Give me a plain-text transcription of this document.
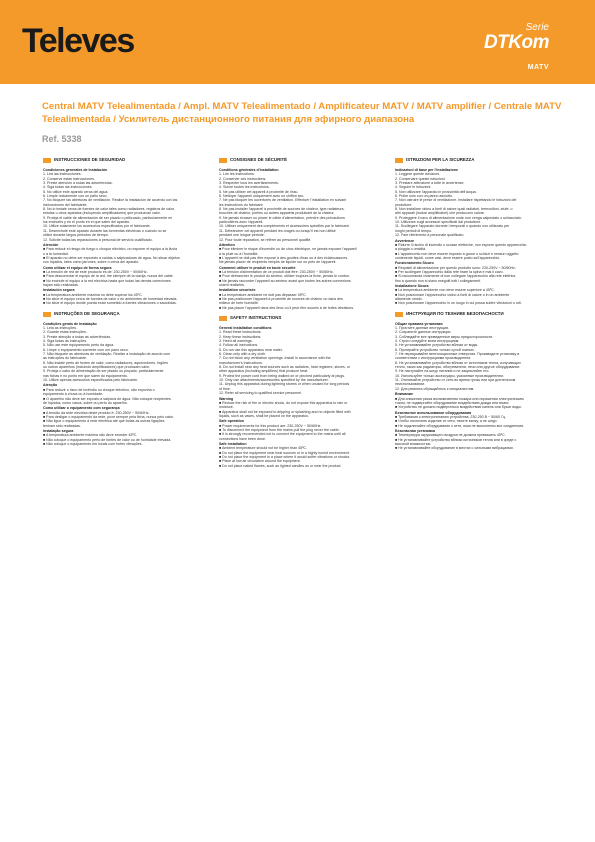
Televes	Serie
DTKom
MATV
Central MATV Telealimentada / Ampl. MATV Telealimentado / Amplificateur MATV / MATV amplifier / Centrale MATV Telealimentada / Усилитель дистанционного питания для эфирного диапазона
Ref. 5338
INSTRUCCIONES DE SEGURIDAD
Condiciones generales de Instalación
1. Lea las instrucciones.
2. Conserve estas instrucciones.
3. Preste atención a todas las advertencias.
4. Siga todas las instrucciones.
5. No utilice este aparato cerca del agua.
6. Limpie únicamente con un paño seco.
7. No bloquee las aberturas de ventilación. Realice la instalación de acuerdo con las
instrucciones del fabricante.
8. No lo instale cerca de fuentes de calor tales como radiadores, registros de calor,
estufas u otros aparatos (incluyendo amplificadores) que produzcan calor.
9. Proteja el cable de alimentación de ser pisado o pellizcado, particularmente en
los enchufes y en el punto en el que salen del aparato.
10. Utilice solamente los accesorios especificados por el fabricante.
11. Desenchufe este aparato durante las tormentas eléctricas o cuando no se
utilice durante largos periodos de tiempo.
12. Solicite todas las reparaciones a personal de servicio cualificado.
Atención
■ Para reducir el riesgo de fuego o choque eléctrico, no exponer el equipo a la lluvia
o a la humedad.
■ El aparato no debe ser expuesto a caídas o salpicaduras de agua. No situar objetos
con líquidos, tales como jarrones, sobre o cerca del aparato.
Como utilizar el equipo de forma segura
■ La tensión de red de este producto es de: 230-250V ~ 50/60Hz.
■ Para desconectar el equipo de la red, tire siempre de la clavija, nunca del cable.
■ No enchufe el equipo a la red eléctrica hasta que todas las demás conexiones
hayan sido realizadas.
Instalación segura
■ La temperatura ambiente máxima no debe superar los 45ºC.
■ No sitúe el equipo cerca de fuentes de calor o en ambientes de humedad elevada.
■ No sitúe el equipo donde pueda estar sometido a fuertes vibraciones o sacudidas.
INSTRUÇÕES DE SEGURANÇA
Condições gerais de Instalação
1. Leia as instruções.
2. Guarde estas instruções.
3. Preste atenção a todas as advertências.
4. Siga todas as instruções.
5. Não use este equipamento perto da água.
6. Limpe o equipamento somente com um pano seco.
7. Não bloqueie as aberturas de ventilação. Realize a instalação de acordo com
as instruções do fabricante.
8. Não instale perto de fontes de calor, como radiadores, aquecedores, fogões
ou outros aparelhos (incluindo amplificadores) que produzam calor.
9. Proteja o cabo de alimentação de ser pisado ou pinçado, particularmente
nas fichas e no ponto em que saem do equipamento.
10. Utilize apenas acessórios especificados pelo fabricante.
Atenção
■ Para reduzir o risco de incêndio ou choque eléctrico, não exponha o
equipamento à chuva ou à humidade.
■ O aparelho não deve ser exposto a salpicos de água. Não coloque recipientes
de líquidos, como vasos, sobre ou perto do aparelho.
Como utilizar o equipamento com segurança
■ A tensão da rede eléctrica deste produto é: 230-250V ~ 50/60Hz.
■ Para desligar o equipamento da rede, puxe sempre pela ficha, nunca pelo cabo.
■ Não ligue o equipamento à rede eléctrica até que todas as outras ligações
tenham sido realizadas.
Instalação segura
■ A temperatura ambiente máxima não deve exceder 45ºC.
■ Não coloque o equipamento perto de fontes de calor ou de humidade elevada.
■ Não coloque o equipamento em locais com fortes vibrações.
CONSIGNES DE SÉCURITÉ
Conditions générales d'installation
1. Lire les instructions.
2. Conserver ces instructions.
3. Respecter tous les avertissements.
4. Suivre toutes les instructions.
5. Ne pas utiliser cet appareil à proximité de l'eau.
6. Nettoyer l'appareil uniquement avec un chiffon sec.
7. Ne pas bloquer les ouvertures de ventilation. Effectuer l'installation en suivant
les instructions du fabricant.
8. Ne pas installer l'appareil à proximité de sources de chaleur, type radiateurs,
bouches de chaleur, poêles ou autres appareils produisant de la chaleur.
9. Ne jamais écraser ou pincer le câble d'alimentation, prendre des précautions
particulières avec l'appareil.
10. Utiliser uniquement des compléments et accessoires spécifiés par le fabricant.
11. Débrancher cet appareil pendant les orages ou lorsqu'il est non utilisé
pendant une longue période.
12. Pour toute réparation, se référer au personnel qualifié.
Attention
■ Pour éliminer le risque d'incendie ou de choc électrique, ne jamais exposer l'appareil
à la pluie ou à l'humidité.
■ L'appareil ne doit pas être exposé à des gouttes d'eau ou à des éclaboussures.
Ne jamais placer de récipients remplis de liquide sur ou près de l'appareil.
Comment utiliser le produit en toute sécurité
■ La tension d'alimentation de ce produit doit être: 230-250V ~ 50/60Hz.
■ Pour débrancher le produit du secteur, utiliser toujours la fiche, jamais le cordon.
■ Ne jamais raccorder l'appareil au secteur avant que toutes les autres connexions
soient réalisées.
Installation sécurisée
■ La température ambiante ne doit pas dépasser 45ºC.
■ Ne pas positionner l'appareil à proximité de sources de chaleur ou dans des
milieux de forte humidité.
■ Ne pas placer l'appareil dans des lieux où il peut être soumis à de fortes vibrations.
SAFETY INSTRUCTIONS
General installation conditions
1. Read these instructions.
2. Keep these instructions.
3. Heed all warnings.
4. Follow all instructions.
5. Do not use this apparatus near water.
6. Clean only with a dry cloth.
7. Do not block any ventilation openings. Install in accordance with the
manufacturer's instructions.
8. Do not install near any heat sources such as radiators, heat registers, stoves, or
other apparatus (including amplifiers) that produce heat.
9. Protect the power cord from being walked on or pinched particularly at plugs.
10. Only use attachments/accessories specified by the manufacturer.
11. Unplug this apparatus during lightning storms or when unused for long periods
of time.
12. Refer all servicing to qualified service personnel.
Warning
■ Reduce the risk of fire or electric shock, do not expose this apparatus to rain or
moisture.
■ Apparatus shall not be exposed to dripping or splashing and no objects filled with
liquids, such as vases, shall be placed on the apparatus.
Safe operation
■ Power requirements for this product are: 230-250V ~ 50/60Hz.
■ To disconnect the equipment from the mains pull the plug never the cable.
■ It is strongly recommended not to connect the equipment to the mains until all
connections have been done.
Safe installation
■ Ambient temperature should not be higher than 45ºC.
■ Do not place the equipment near heat sources or in a highly humid environment.
■ Do not place the equipment in a place where it would suffer vibrations or shocks.
■ Place at low air circulation around the equipment.
■ Do not place naked flames, such as lighted candles on or near the product.
ISTRUZIONI PER LA SICUREZZA
Indicazioni di base per l'installazione
1. Leggere queste istruzioni.
2. Conservare queste istruzioni.
3. Prestare attenzione a tutte le avvertenze.
4. Seguire le istruzioni.
5. Non utilizzare l'apparato in prossimità dell'acqua.
6. Pulire solo con un panno asciutto.
7. Non ostruire le prese di ventilazione. Installare rispettando le istruzioni del
produttore.
8. Non installare vicino a fonti di calore quali radiatori, termosifoni, stufe, o
altri apparati (inclusi amplificatori) che producono calore.
9. Proteggere il cavo di alimentazione onde non venga calpestato o schiacciato.
10. Utilizzare sugli accessori specificati dal produttore.
11. Scollegare l'apparato durante i temporali o quando non utilizzato per
lunghi periodi di tempo.
12. Fare riferimento a personale qualificato.
Avvertenze
■ Ridurre il rischio di incendio o scosse elettriche, non esporre questo apparecchio
a pioggia o umidità.
■ L'apparecchio non deve essere esposto a gocce o schizzi e nessun oggetto
contenente liquidi, come vasi, deve essere posto sull'apparecchio.
Funzionamento Sicuro
■ Requisiti di alimentazione per questo prodotto sono: 230-250V ~ 50/60Hz.
■ Per scollegare l'apparecchio dalla rete tirare la spina e mai il cavo.
■ Si raccomanda vivamente di non collegare l'apparecchio alla rete elettrica
fino a quando non si siano eseguiti tutti i collegamenti.
Installazione Sicura
■ La temperatura ambiente non deve essere superiore a 45ºC.
■ Non posizionare l'apparecchio vicino a fonti di calore o in un ambiente
altamente umido.
■ Non posizionare l'apparecchio in un luogo in cui possa subire vibrazioni o urti.
ИНСТРУКЦИЯ ПО ТЕХНИКЕ БЕЗОПАСНОСТИ
Общие правила установки
1. Прочтите данные инструкции.
2. Сохраните данные инструкции.
3. Соблюдайте все приведенные меры предосторожности.
4. Строго следуйте всем инструкциям.
5. Не устанавливайте устройство вблизи от воды.
6. Протирайте устройство только сухой тканью.
7. Не перекрывайте вентиляционные отверстия. Производите установку в
соответствии с инструкциями производителя.
8. Не устанавливайте устройство вблизи от источников тепла, излучающих
тепло, таких как радиаторы, обогреватели, печи или другое оборудование.
9. Не наступайте на шнур питания и не защемляйте его.
10. Используйте только аксессуары, указанные производителем.
11. Отключайте устройство от сети во время грозы или при длительном
неиспользовании.
12. Для ремонта обращайтесь к специалистам.
Внимание
■ Для снижения риска возникновения пожара или поражения электрическим
током, не подвергайте оборудование воздействию дождя или влаги.
■ Устройство не должно подвергаться воздействию капель или брызг воды.
Безопасное использование оборудования
■ Требования к электропитанию устройства: 230-250 В ~ 50/60 Гц.
■ Чтобы отключить изделие от сети, тяните вилку, а не шнур.
■ Не подключайте оборудование к сети, пока не выполнены все соединения.
Безопасная установка
■ Температура окружающего воздуха не должна превышать 45ºC.
■ Не устанавливайте устройство вблизи источников тепла или в среде с
высокой влажностью.
■ Не устанавливайте оборудование в местах с сильными вибрациями.
